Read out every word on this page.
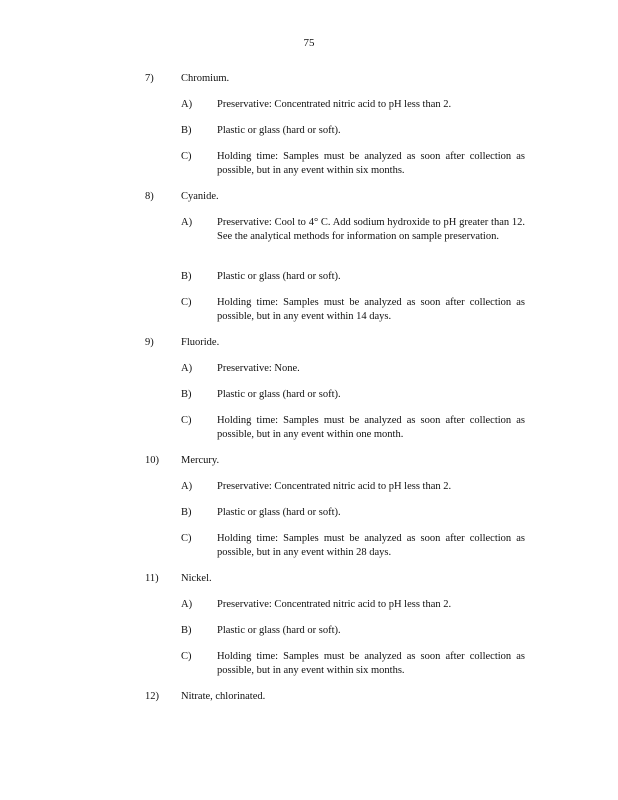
75
7)	Chromium.
A) Preservative: Concentrated nitric acid to pH less than 2.
B) Plastic or glass (hard or soft).
C) Holding time: Samples must be analyzed as soon after collection as possible, but in any event within six months.
8)	Cyanide.
A) Preservative: Cool to 4° C. Add sodium hydroxide to pH greater than 12. See the analytical methods for information on sample preservation.
B) Plastic or glass (hard or soft).
C) Holding time: Samples must be analyzed as soon after collection as possible, but in any event within 14 days.
9)	Fluoride.
A) Preservative: None.
B) Plastic or glass (hard or soft).
C) Holding time: Samples must be analyzed as soon after collection as possible, but in any event within one month.
10) Mercury.
A) Preservative: Concentrated nitric acid to pH less than 2.
B) Plastic or glass (hard or soft).
C) Holding time: Samples must be analyzed as soon after collection as possible, but in any event within 28 days.
11) Nickel.
A) Preservative: Concentrated nitric acid to pH less than 2.
B) Plastic or glass (hard or soft).
C) Holding time: Samples must be analyzed as soon after collection as possible, but in any event within six months.
12) Nitrate, chlorinated.
